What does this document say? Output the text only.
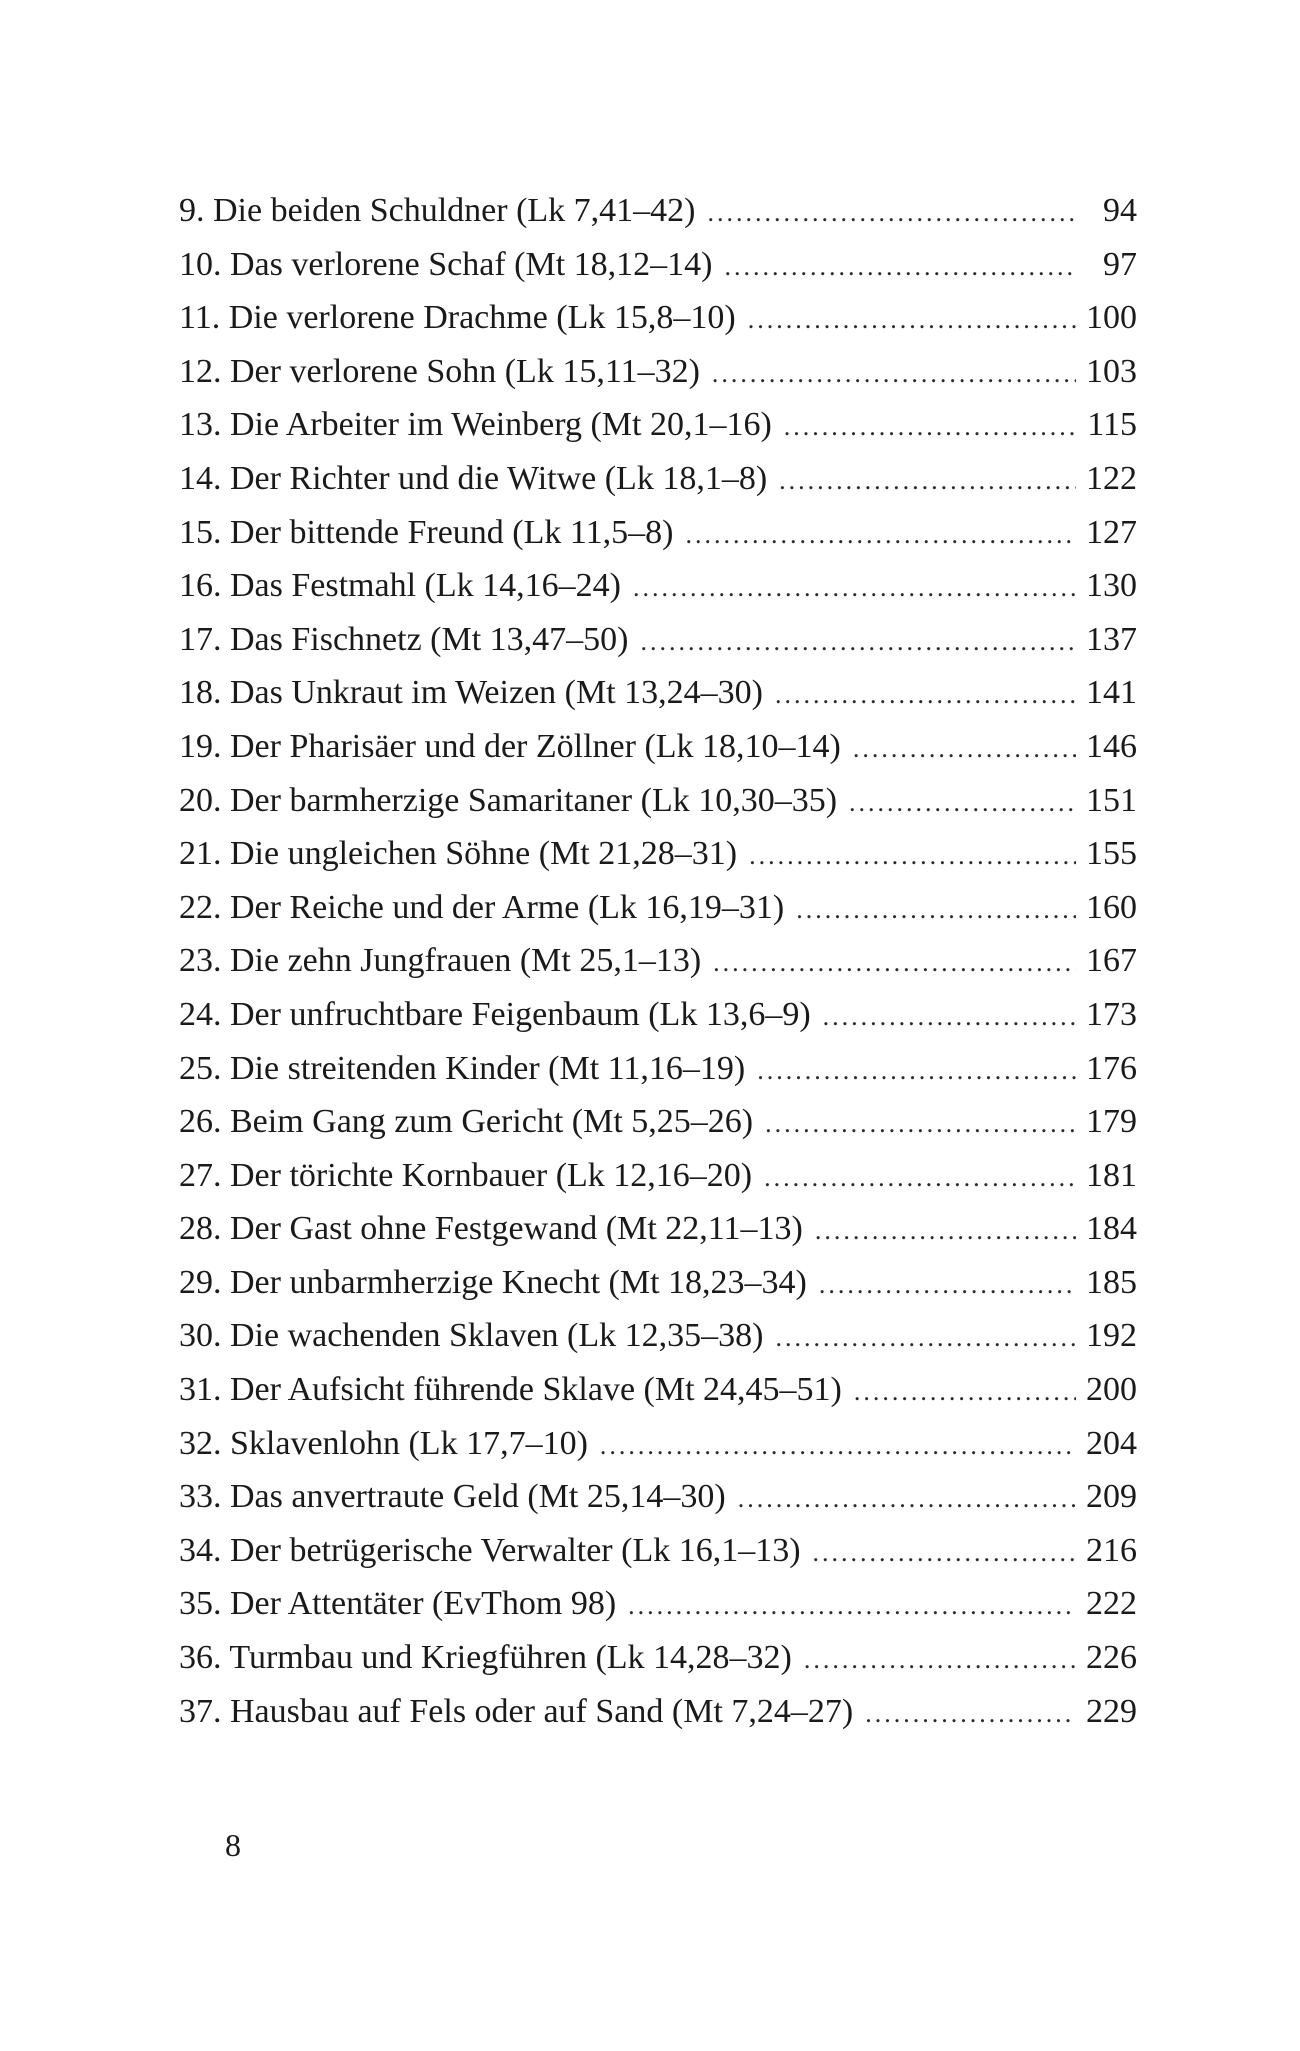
9. Die beiden Schuldner (Lk 7,41–42) .....	94
10. Das verlorene Schaf (Mt 18,12–14) .....	97
11. Die verlorene Drachme (Lk 15,8–10) .....	100
12. Der verlorene Sohn (Lk 15,11–32) .....	103
13. Die Arbeiter im Weinberg (Mt 20,1–16) .....	115
14. Der Richter und die Witwe (Lk 18,1–8) .....	122
15. Der bittende Freund (Lk 11,5–8) .....	127
16. Das Festmahl (Lk 14,16–24) .....	130
17. Das Fischnetz (Mt 13,47–50) .....	137
18. Das Unkraut im Weizen (Mt 13,24–30) .....	141
19. Der Pharisäer und der Zöllner (Lk 18,10–14) .....	146
20. Der barmherzige Samaritaner (Lk 10,30–35) .....	151
21. Die ungleichen Söhne (Mt 21,28–31) .....	155
22. Der Reiche und der Arme (Lk 16,19–31) .....	160
23. Die zehn Jungfrauen (Mt 25,1–13) .....	167
24. Der unfruchtbare Feigenbaum (Lk 13,6–9) .....	173
25. Die streitenden Kinder (Mt 11,16–19) .....	176
26. Beim Gang zum Gericht (Mt 5,25–26) .....	179
27. Der törichte Kornbauer (Lk 12,16–20) .....	181
28. Der Gast ohne Festgewand (Mt 22,11–13) .....	184
29. Der unbarmherzige Knecht (Mt 18,23–34) .....	185
30. Die wachenden Sklaven (Lk 12,35–38) .....	192
31. Der Aufsicht führende Sklave (Mt 24,45–51) .....	200
32. Sklavenlohn (Lk 17,7–10) .....	204
33. Das anvertraute Geld (Mt 25,14–30) .....	209
34. Der betrügerische Verwalter (Lk 16,1–13) .....	216
35. Der Attentäter (EvThom 98) .....	222
36. Turmbau und Kriegführen (Lk 14,28–32) .....	226
37. Hausbau auf Fels oder auf Sand (Mt 7,24–27) .....	229
8
